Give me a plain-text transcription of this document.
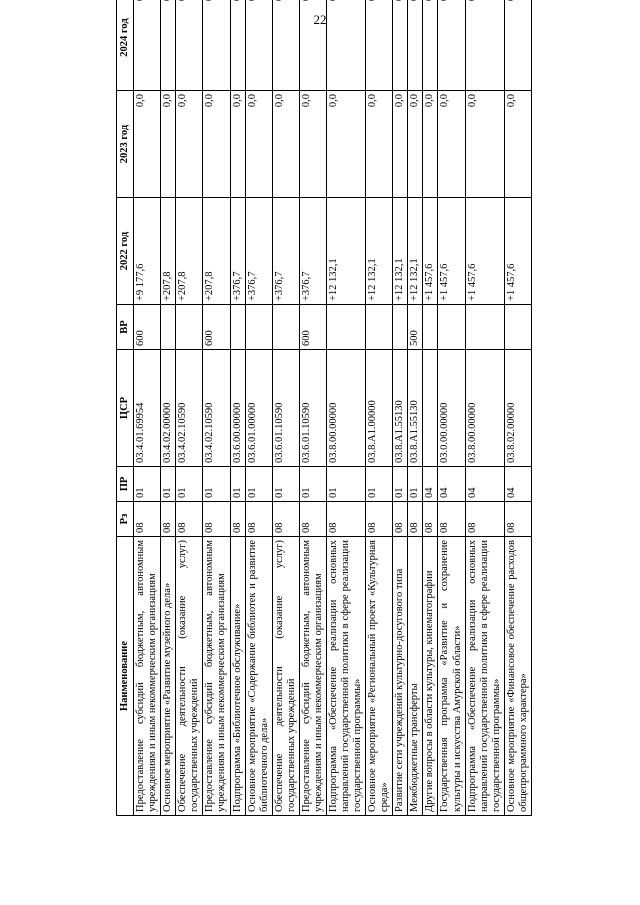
22
Наименование	Рз	ПР	ЦСР	ВР	2022 год	2023 год	2024 год
Предоставление субсидий бюджетным, автономным учреждениям и иным некоммерческим организациям	08	01	03.4.01.69954	600	+9 177,6	0,0	
Основное мероприятие «Развитие музейного дела»	08	01	03.4.02.00000		+207,8	0,0	
Обеспечение деятельности (оказание услуг) государственных учреждений	08	01	03.4.02.10590		+207,8	0,0	
Предоставление субсидий бюджетным, автономным учреждениям и иным некоммерческим организациям	08	01	03.4.02.10590	600	+207,8	0,0	
Подпрограмма «Библиотечное обслуживание»	08	01	03.6.00.00000		+376,7	0,0	
Основное мероприятие «Содержание библиотек и развитие библиотечного дела»	08	01	03.6.01.00000		+376,7	0,0	
Обеспечение деятельности (оказание услуг) государственных учреждений	08	01	03.6.01.10590		+376,7	0,0	
Предоставление субсидий бюджетным, автономным учреждениям и иным некоммерческим организациям	08	01	03.6.01.10590	600	+376,7	0,0	
Подпрограмма «Обеспечение реализации основных направлений государственной политики в сфере реализации государственной программы»	08	01	03.8.00.00000		+12 132,1	0,0	
Основное мероприятие «Региональный проект «Культурная среда»	08	01	03.8.A1.00000		+12 132,1	0,0	
Развитие сети учреждений культурно-досугового типа	08	01	03.8.A1.55130		+12 132,1	0,0	
Межбюджетные трансферты	08	01	03.8.A1.55130	500	+12 132,1	0,0	
Другие вопросы в области культуры, кинематографии	08	04			+1 457,6	0,0	
Государственная программа «Развитие и сохранение культуры и искусства Амурской области»	08	04	03.0.00.00000		+1 457,6	0,0	
Подпрограмма «Обеспечение реализации основных направлений государственной политики в сфере реализации государственной программы»	08	04	03.8.00.00000		+1 457,6	0,0	
Основное мероприятие «Финансовое обеспечение расходов общепрограммного характера»	08	04	03.8.02.00000		+1 457,6	0,0	
